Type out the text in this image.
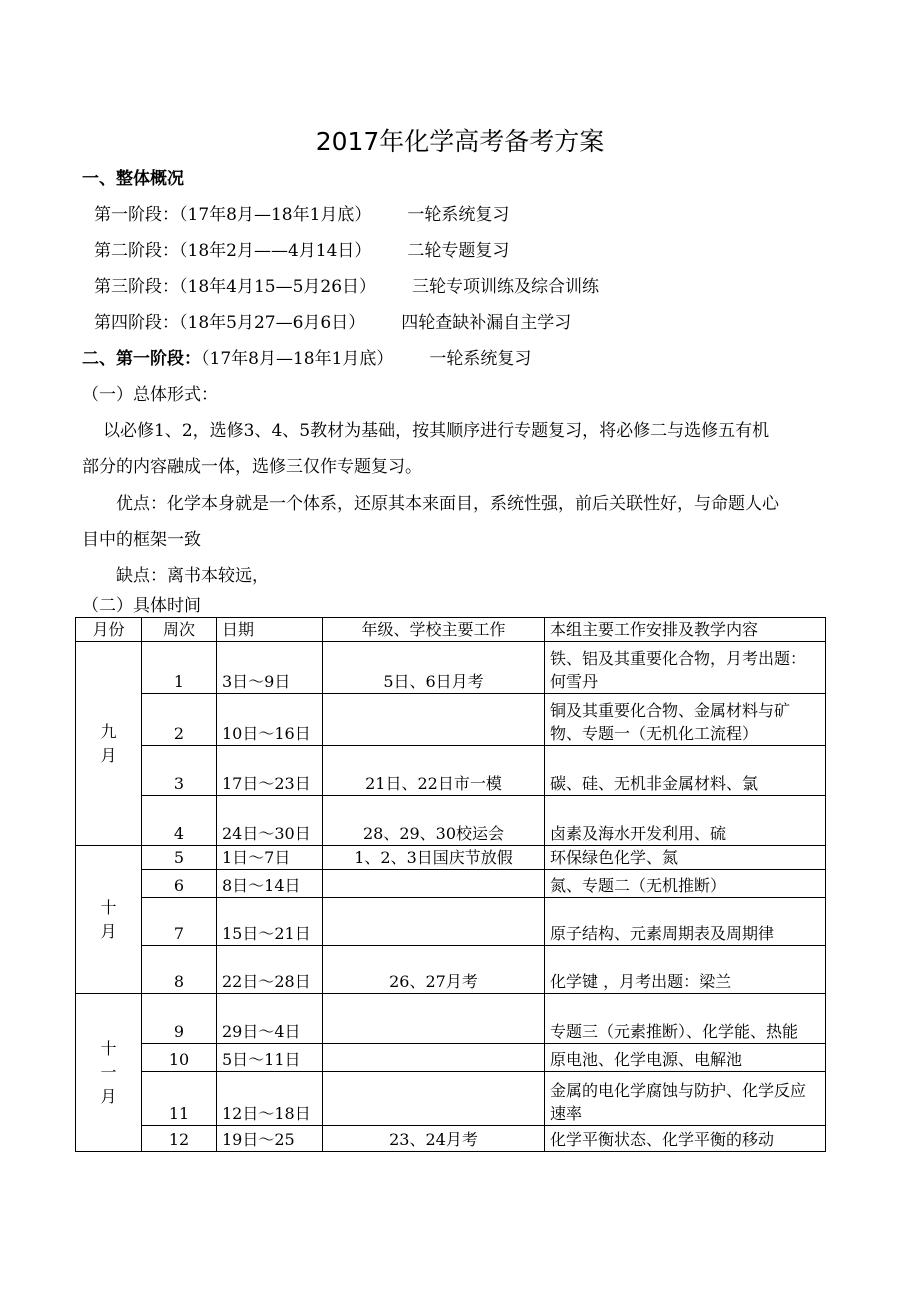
2017年化学高考备考方案
一、整体概况
第一阶段：（17年8月—18年1月底） 一轮系统复习
第二阶段：（18年2月——4月14日） 二轮专题复习
第三阶段：（18年4月15—5月26日） 三轮专项训练及综合训练
第四阶段：（18年5月27—6月6日） 四轮查缺补漏自主学习
二、第一阶段：（17年8月—18年1月底） 一轮系统复习
（一）总体形式：
以必修1、2，选修3、4、5教材为基础，按其顺序进行专题复习，将必修二与选修五有机
部分的内容融成一体，选修三仅作专题复习。
优点：化学本身就是一个体系，还原其本来面目，系统性强，前后关联性好，与命题人心
目中的框架一致
缺点：离书本较远，
（二）具体时间
月份	周次	日期	年级、学校主要工作	本组主要工作安排及教学内容
九月	1	3日～9日	5日、6日月考	铁、铝及其重要化合物，月考出题：何雪丹
	2	10日～16日		铜及其重要化合物、金属材料与矿物、专题一（无机化工流程）
	3	17日～23日	21日、22日市一模	碳、硅、无机非金属材料、氯
	4	24日～30日	28、29、30校运会	卤素及海水开发利用、硫
十月	5	1日～7日	1、2、3日国庆节放假	环保绿色化学、氮
	6	8日～14日		氮、专题二（无机推断）
	7	15日～21日		原子结构、元素周期表及周期律
	8	22日～28日	26、27月考	化学键 ，月考出题：梁兰
十一月	9	29日～4日		专题三（元素推断）、化学能、热能
	10	5日～11日		原电池、化学电源、电解池
	11	12日～18日		金属的电化学腐蚀与防护、化学反应速率
	12	19日～25	23、24月考	化学平衡状态、化学平衡的移动
